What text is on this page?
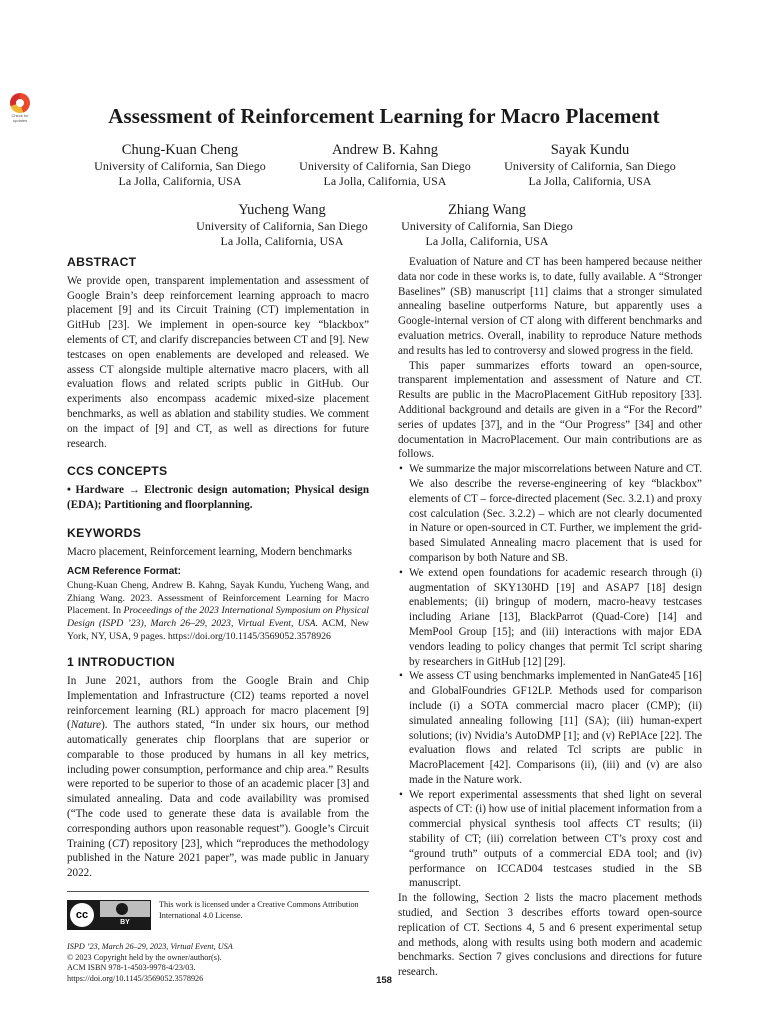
Check for
updates	Assessment of Reinforcement Learning for Macro Placement
Chung-Kuan Cheng
University of California, San Diego
La Jolla, California, USA
Andrew B. Kahng
University of California, San Diego
La Jolla, California, USA
Sayak Kundu
University of California, San Diego
La Jolla, California, USA
Yucheng Wang
University of California, San Diego
La Jolla, California, USA
Zhiang Wang
University of California, San Diego
La Jolla, California, USA
ABSTRACT

We provide open, transparent implementation and assessment of Google Brain’s deep reinforcement learning approach to macro placement [9] and its Circuit Training (CT) implementation in GitHub [23]. We implement in open-source key “blackbox” elements of CT, and clarify discrepancies between CT and [9]. New testcases on open enablements are developed and released. We assess CT alongside multiple alternative macro placers, with all evaluation flows and related scripts public in GitHub. Our experiments also encompass academic mixed-size placement benchmarks, as well as ablation and stability studies. We comment on the impact of [9] and CT, as well as directions for future research.

CCS CONCEPTS

• Hardware → Electronic design automation; Physical design (EDA); Partitioning and floorplanning.

KEYWORDS

Macro placement, Reinforcement learning, Modern benchmarks

ACM Reference Format:

Chung-Kuan Cheng, Andrew B. Kahng, Sayak Kundu, Yucheng Wang, and Zhiang Wang. 2023. Assessment of Reinforcement Learning for Macro Placement. In Proceedings of the 2023 International Symposium on Physical Design (ISPD ’23), March 26–29, 2023, Virtual Event, USA. ACM, New York, NY, USA, 9 pages. https://doi.org/10.1145/3569052.3578926

1 INTRODUCTION

In June 2021, authors from the Google Brain and Chip Implementation and Infrastructure (CI2) teams reported a novel reinforcement learning (RL) approach for macro placement [9] (Nature). The authors stated, “In under six hours, our method automatically generates chip floorplans that are superior or comparable to those produced by humans in all key metrics, including power consumption, performance and chip area.” Results were reported to be superior to those of an academic placer [3] and simulated annealing. Data and code availability was promised (“The code used to generate these data is available from the corresponding authors upon reasonable request”). Google’s Circuit Training (CT) repository [23], which “reproduces the methodology published in the Nature 2021 paper”, was made public in January 2022.

cc
BY
This work is licensed under a Creative Commons Attribution International 4.0 License.
ISPD ’23, March 26–29, 2023, Virtual Event, USA
© 2023 Copyright held by the owner/author(s).
ACM ISBN 978-1-4503-9978-4/23/03.
https://doi.org/10.1145/3569052.3578926

Evaluation of Nature and CT has been hampered because neither data nor code in these works is, to date, fully available. A “Stronger Baselines” (SB) manuscript [11] claims that a stronger simulated annealing baseline outperforms Nature, but apparently uses a Google-internal version of CT along with different benchmarks and evaluation metrics. Overall, inability to reproduce Nature methods and results has led to controversy and slowed progress in the field.

This paper summarizes efforts toward an open-source, transparent implementation and assessment of Nature and CT. Results are public in the MacroPlacement GitHub repository [33]. Additional background and details are given in a “For the Record” series of updates [37], and in the “Our Progress” [34] and other documentation in MacroPlacement. Our main contributions are as follows.

• We summarize the major miscorrelations between Nature and CT. We also describe the reverse-engineering of key “blackbox” elements of CT – force-directed placement (Sec. 3.2.1) and proxy cost calculation (Sec. 3.2.2) – which are not clearly documented in Nature or open-sourced in CT. Further, we implement the grid-based Simulated Annealing macro placement that is used for comparison by both Nature and SB.
• We extend open foundations for academic research through (i) augmentation of SKY130HD [19] and ASAP7 [18] design enablements; (ii) bringup of modern, macro-heavy testcases including Ariane [13], BlackParrot (Quad-Core) [14] and MemPool Group [15]; and (iii) interactions with major EDA vendors leading to policy changes that permit Tcl script sharing by researchers in GitHub [12] [29].
• We assess CT using benchmarks implemented in NanGate45 [16] and GlobalFoundries GF12LP. Methods used for comparison include (i) a SOTA commercial macro placer (CMP); (ii) simulated annealing following [11] (SA); (iii) human-expert solutions; (iv) Nvidia’s AutoDMP [1]; and (v) RePlAce [22]. The evaluation flows and related Tcl scripts are public in MacroPlacement [42]. Comparisons (ii), (iii) and (v) are also made in the Nature work.
• We report experimental assessments that shed light on several aspects of CT: (i) how use of initial placement information from a commercial physical synthesis tool affects CT results; (ii) stability of CT; (iii) correlation between CT’s proxy cost and “ground truth” outputs of a commercial EDA tool; and (iv) performance on ICCAD04 testcases studied in the SB manuscript.

In the following, Section 2 lists the macro placement methods studied, and Section 3 describes efforts toward open-source replication of CT. Sections 4, 5 and 6 present experimental setup and methods, along with results using both modern and academic benchmarks. Section 7 gives conclusions and directions for future research.

158
